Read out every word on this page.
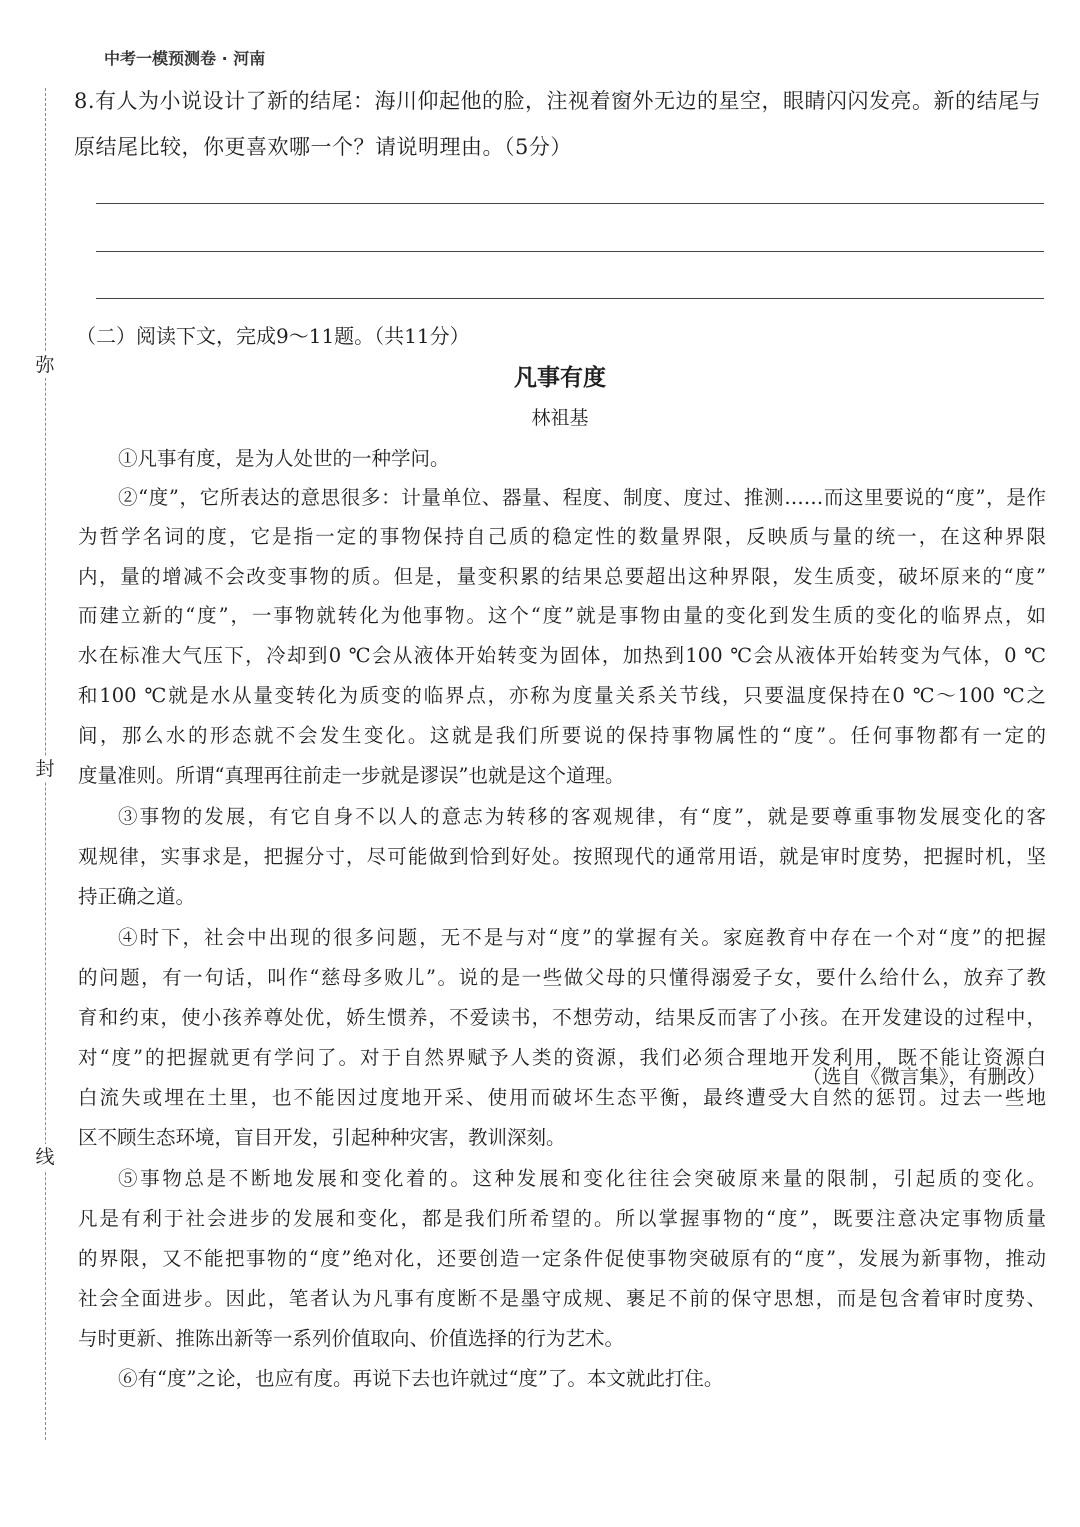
中考一模预测卷 · 河南
弥
封
线
8.有人为小说设计了新的结尾：海川仰起他的脸，注视着窗外无边的星空，眼睛闪闪发亮。新的结尾与
原结尾比较，你更喜欢哪一个？请说明理由。（5分）
（二）阅读下文，完成9～11题。（共11分）
凡事有度
林祖基
①凡事有度，是为人处世的一种学问。
②“度”，它所表达的意思很多：计量单位、器量、程度、制度、度过、推测……而这里要说的“度”，是作
为哲学名词的度，它是指一定的事物保持自己质的稳定性的数量界限，反映质与量的统一，在这种界限
内，量的增减不会改变事物的质。但是，量变积累的结果总要超出这种界限，发生质变，破坏原来的“度”
而建立新的“度”，一事物就转化为他事物。这个“度”就是事物由量的变化到发生质的变化的临界点，如
水在标准大气压下，冷却到0 ℃会从液体开始转变为固体，加热到100 ℃会从液体开始转变为气体，0 ℃
和100 ℃就是水从量变转化为质变的临界点，亦称为度量关系关节线，只要温度保持在0 ℃～100 ℃之
间，那么水的形态就不会发生变化。这就是我们所要说的保持事物属性的“度”。任何事物都有一定的
度量准则。所谓“真理再往前走一步就是谬误”也就是这个道理。
③事物的发展，有它自身不以人的意志为转移的客观规律，有“度”，就是要尊重事物发展变化的客
观规律，实事求是，把握分寸，尽可能做到恰到好处。按照现代的通常用语，就是审时度势，把握时机，坚
持正确之道。
④时下，社会中出现的很多问题，无不是与对“度”的掌握有关。家庭教育中存在一个对“度”的把握
的问题，有一句话，叫作“慈母多败儿”。说的是一些做父母的只懂得溺爱子女，要什么给什么，放弃了教
育和约束，使小孩养尊处优，娇生惯养，不爱读书，不想劳动，结果反而害了小孩。在开发建设的过程中，
对“度”的把握就更有学问了。对于自然界赋予人类的资源，我们必须合理地开发利用，既不能让资源白
白流失或埋在土里，也不能因过度地开采、使用而破坏生态平衡，最终遭受大自然的惩罚。过去一些地
区不顾生态环境，盲目开发，引起种种灾害，教训深刻。
⑤事物总是不断地发展和变化着的。这种发展和变化往往会突破原来量的限制，引起质的变化。
凡是有利于社会进步的发展和变化，都是我们所希望的。所以掌握事物的“度”，既要注意决定事物质量
的界限，又不能把事物的“度”绝对化，还要创造一定条件促使事物突破原有的“度”，发展为新事物，推动
社会全面进步。因此，笔者认为凡事有度断不是墨守成规、裹足不前的保守思想，而是包含着审时度势、
与时更新、推陈出新等一系列价值取向、价值选择的行为艺术。
⑥有“度”之论，也应有度。再说下去也许就过“度”了。本文就此打住。
（选自《微言集》，有删改）
